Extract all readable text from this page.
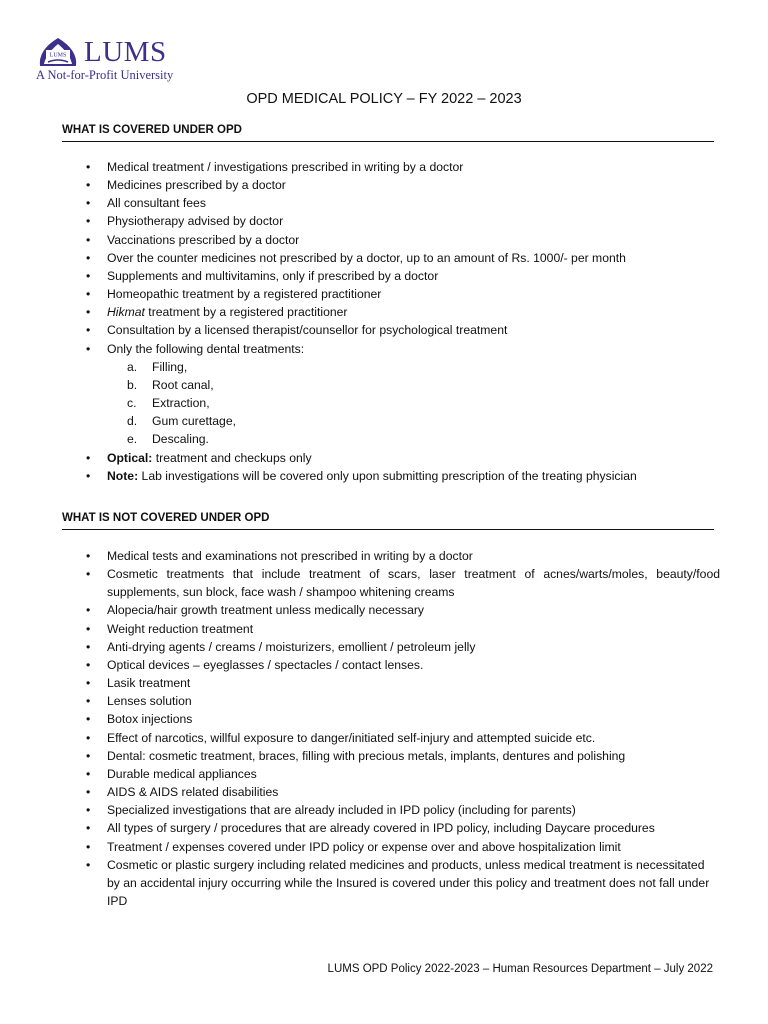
LUMS LUMS
A Not-for-Profit University
OPD MEDICAL POLICY – FY 2022 – 2023
WHAT IS COVERED UNDER OPD
• Medical treatment / investigations prescribed in writing by a doctor
• Medicines prescribed by a doctor
• All consultant fees
• Physiotherapy advised by doctor
• Vaccinations prescribed by a doctor
• Over the counter medicines not prescribed by a doctor, up to an amount of Rs. 1000/- per month
• Supplements and multivitamins, only if prescribed by a doctor
• Homeopathic treatment by a registered practitioner
• Hikmat treatment by a registered practitioner
• Consultation by a licensed therapist/counsellor for psychological treatment
• Only the following dental treatments:
a. Filling,
b. Root canal,
c. Extraction,
d. Gum curettage,
e. Descaling.
• Optical: treatment and checkups only
• Note: Lab investigations will be covered only upon submitting prescription of the treating physician
WHAT IS NOT COVERED UNDER OPD
• Medical tests and examinations not prescribed in writing by a doctor
• Cosmetic treatments that include treatment of scars, laser treatment of acnes/warts/moles, beauty/food supplements, sun block, face wash / shampoo whitening creams
• Alopecia/hair growth treatment unless medically necessary
• Weight reduction treatment
• Anti-drying agents / creams / moisturizers, emollient / petroleum jelly
• Optical devices – eyeglasses / spectacles / contact lenses.
• Lasik treatment
• Lenses solution
• Botox injections
• Effect of narcotics, willful exposure to danger/initiated self-injury and attempted suicide etc.
• Dental: cosmetic treatment, braces, filling with precious metals, implants, dentures and polishing
• Durable medical appliances
• AIDS & AIDS related disabilities
• Specialized investigations that are already included in IPD policy (including for parents)
• All types of surgery / procedures that are already covered in IPD policy, including Daycare procedures
• Treatment / expenses covered under IPD policy or expense over and above hospitalization limit
• Cosmetic or plastic surgery including related medicines and products, unless medical treatment is necessitated by an accidental injury occurring while the Insured is covered under this policy and treatment does not fall under IPD
LUMS OPD Policy 2022-2023 – Human Resources Department – July 2022
